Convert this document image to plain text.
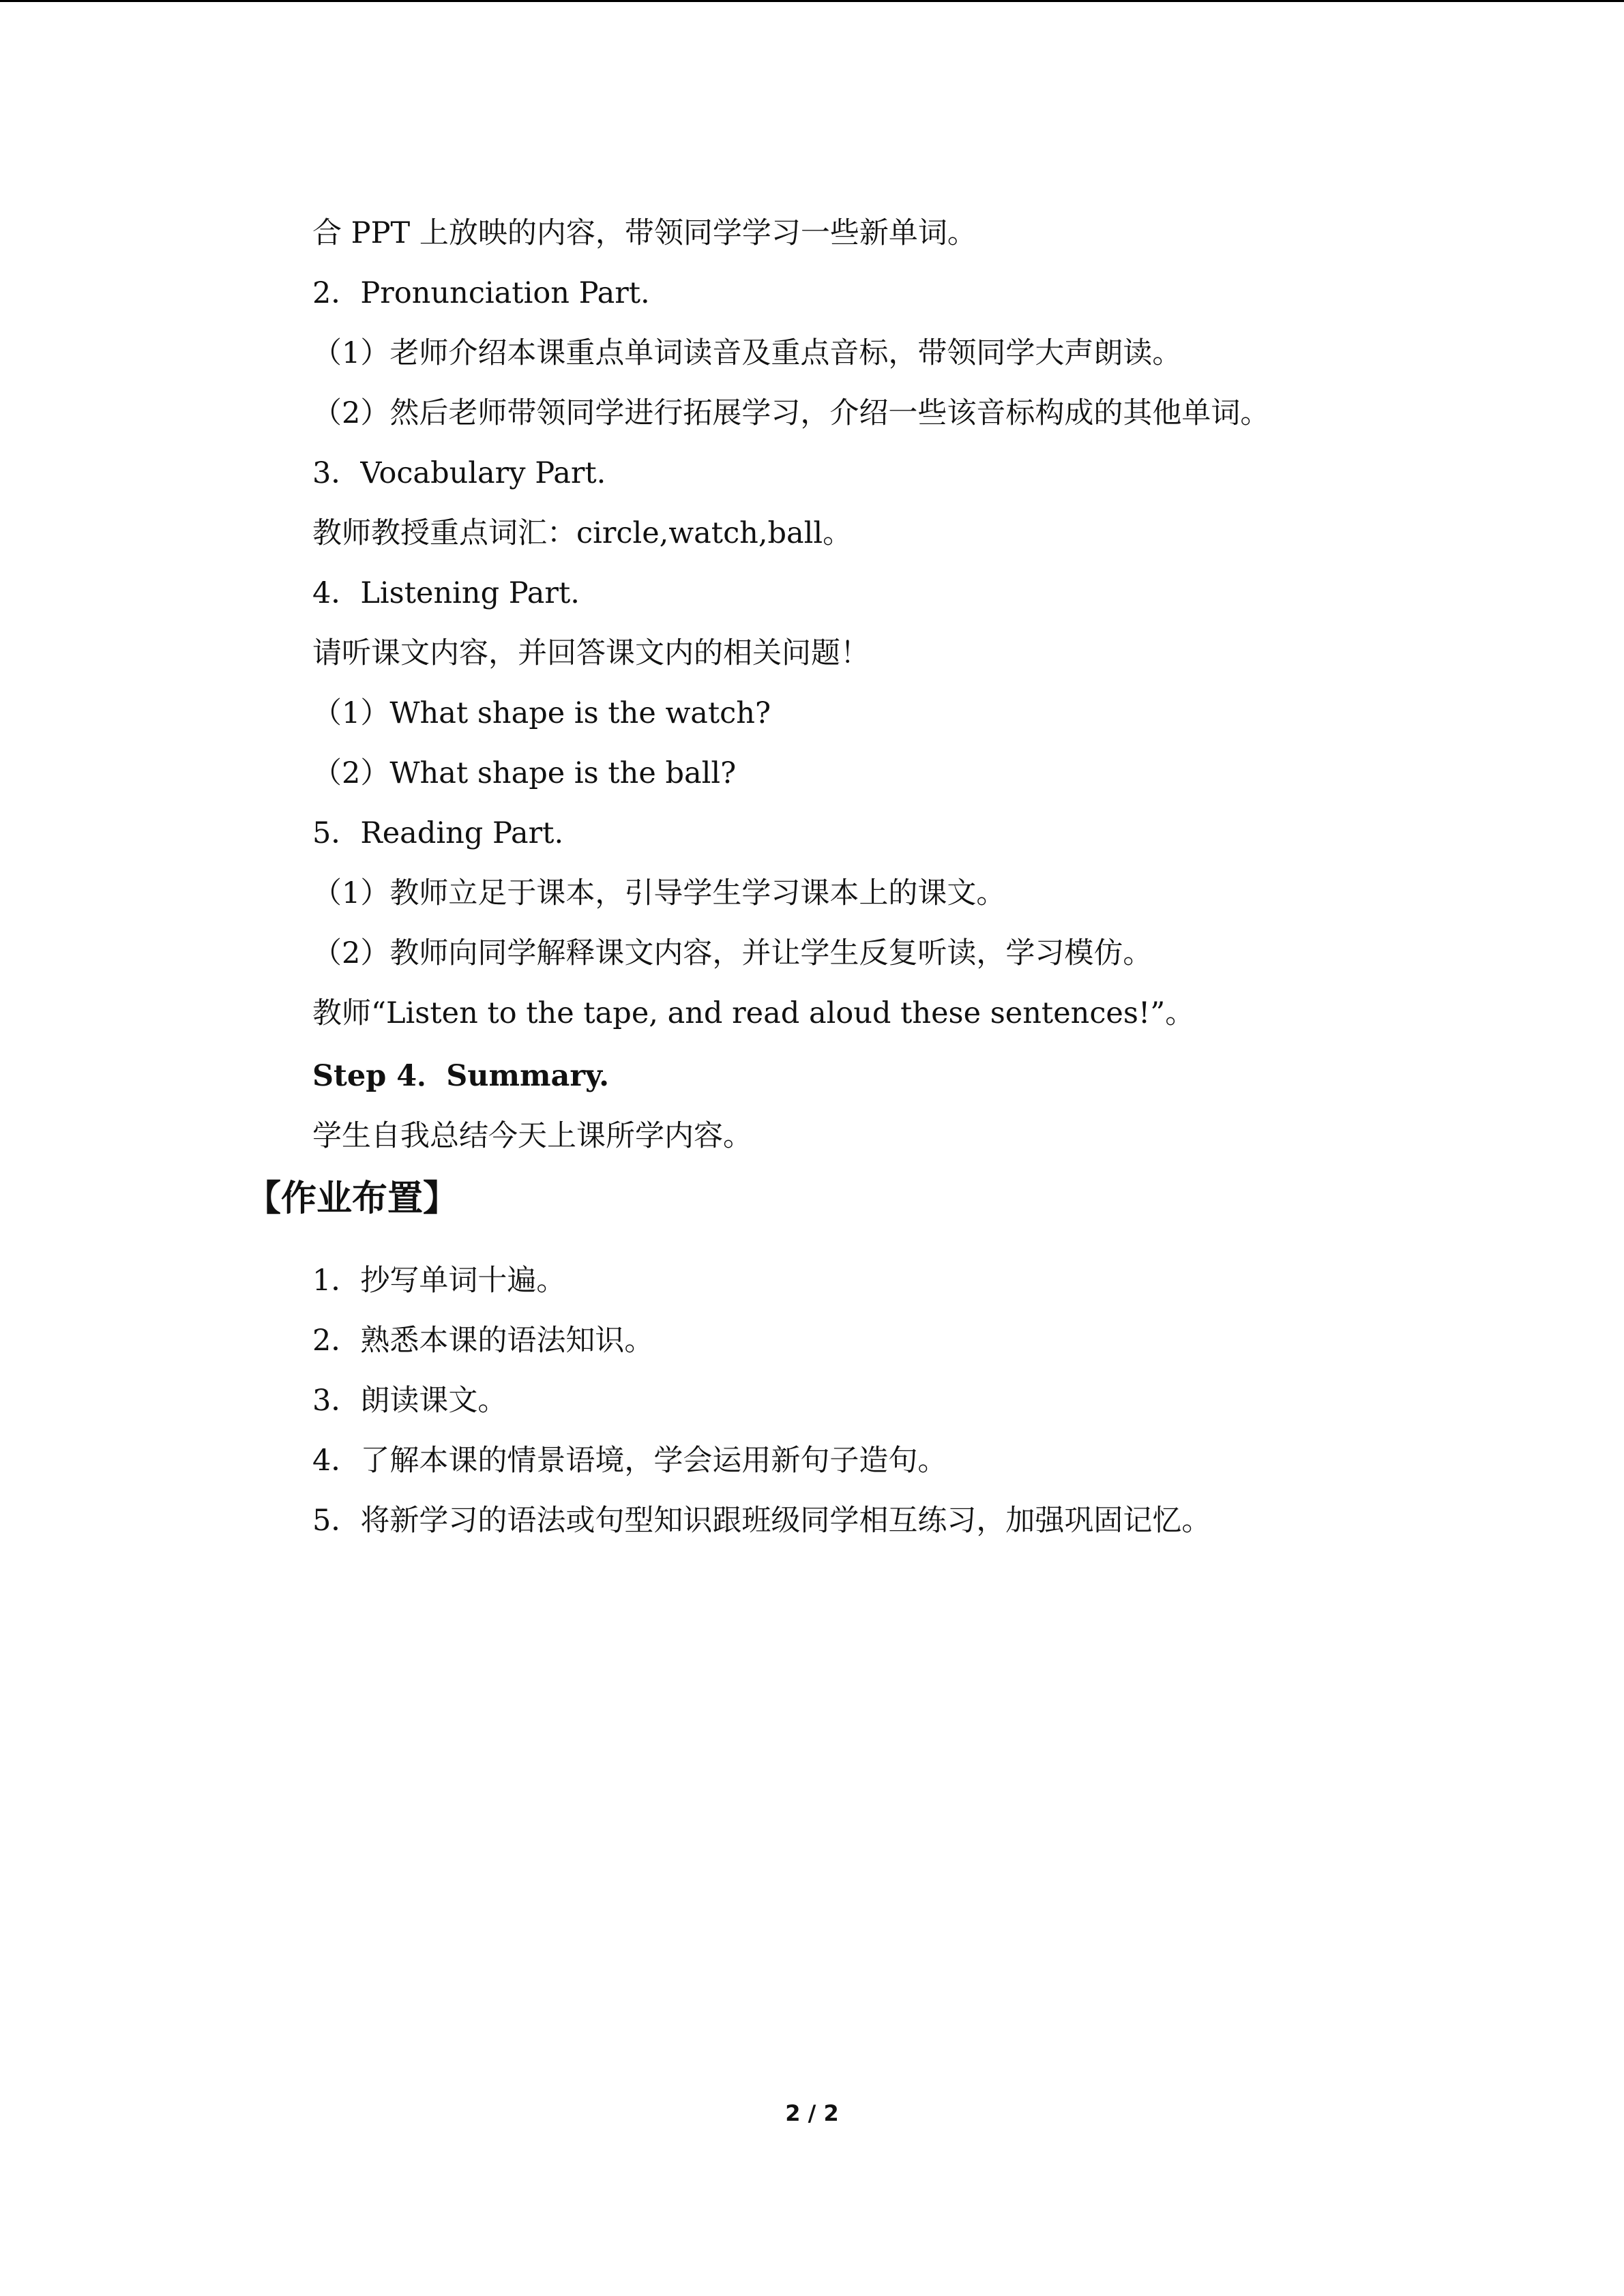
合 PPT 上放映的内容，带领同学学习一些新单词。
2．Pronunciation Part.
（1）老师介绍本课重点单词读音及重点音标，带领同学大声朗读。
（2）然后老师带领同学进行拓展学习，介绍一些该音标构成的其他单词。
3．Vocabulary Part.
教师教授重点词汇：circle,watch,ball。
4．Listening Part.
请听课文内容，并回答课文内的相关问题！
（1）What shape is the watch?
（2）What shape is the ball?
5．Reading Part.
（1）教师立足于课本，引导学生学习课本上的课文。
（2）教师向同学解释课文内容，并让学生反复听读，学习模仿。
教师“Listen to the tape, and read aloud these sentences!”。
Step 4．Summary.
学生自我总结今天上课所学内容。
【作业布置】
1．抄写单词十遍。
2．熟悉本课的语法知识。
3．朗读课文。
4．了解本课的情景语境，学会运用新句子造句。
5．将新学习的语法或句型知识跟班级同学相互练习，加强巩固记忆。
2 / 2
